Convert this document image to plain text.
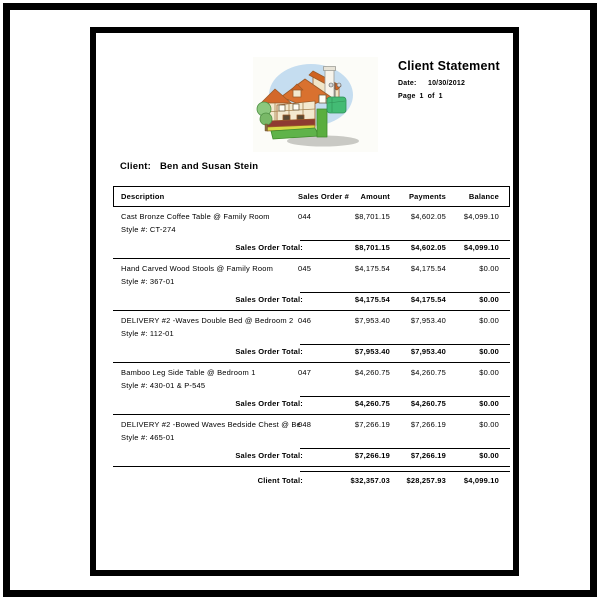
Client Statement
Date: 10/30/2012
Page 1 of 1
Client: Ben and Susan Stein
Description	Sales Order # Amount	Payments	Balance
Cast Bronze Coffee Table @ Family Room
Style #: CT-274
044	$8,701.15	$4,602.05 $4,099.10
Sales Order Total:	$8,701.15	$4,602.05 $4,099.10
Hand Carved Wood Stools @ Family Room
Style #: 367-01
045	$4,175.54	$4,175.54	$0.00
Sales Order Total:	$4,175.54	$4,175.54	$0.00
DELIVERY #2 -Waves Double Bed @ Bedroom 2
Style #: 112-01
046	$7,953.40	$7,953.40	$0.00
Sales Order Total:	$7,953.40	$7,953.40	$0.00
Bamboo Leg Side Table @ Bedroom 1
Style #: 430-01 & P-545
047	$4,260.75	$4,260.75	$0.00
Sales Order Total:	$4,260.75	$4,260.75	$0.00
DELIVERY #2 -Bowed Waves Bedside Chest @ Be
Style #: 465-01
048	$7,266.19	$7,266.19	$0.00
Sales Order Total:	$7,266.19	$7,266.19	$0.00
Client Total:	$32,357.03 $28,257.93 $4,099.10
